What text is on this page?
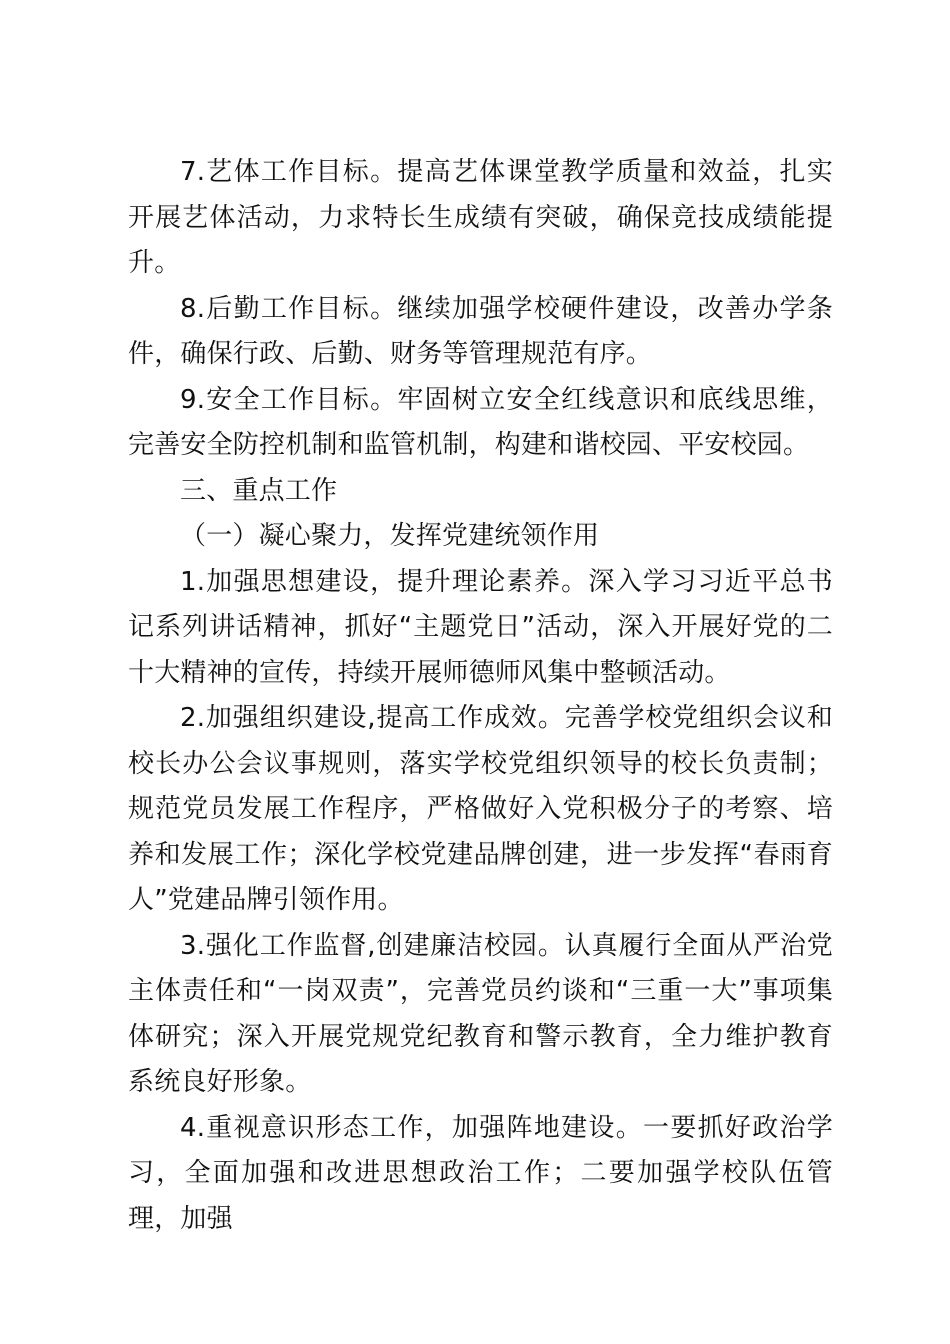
7.艺体工作目标。提高艺体课堂教学质量和效益，扎实开展艺体活动，力求特长生成绩有突破，确保竞技成绩能提升。

8.后勤工作目标。继续加强学校硬件建设，改善办学条件，确保行政、后勤、财务等管理规范有序。

9.安全工作目标。牢固树立安全红线意识和底线思维，完善安全防控机制和监管机制，构建和谐校园、平安校园。

三、重点工作

（一）凝心聚力，发挥党建统领作用

1.加强思想建设，提升理论素养。深入学习习近平总书记系列讲话精神，抓好“主题党日”活动，深入开展好党的二十大精神的宣传，持续开展师德师风集中整顿活动。

2.加强组织建设,提高工作成效。完善学校党组织会议和校长办公会议事规则，落实学校党组织领导的校长负责制；规范党员发展工作程序，严格做好入党积极分子的考察、培养和发展工作；深化学校党建品牌创建，进一步发挥“春雨育人”党建品牌引领作用。

3.强化工作监督,创建廉洁校园。认真履行全面从严治党主体责任和“一岗双责”，完善党员约谈和“三重一大”事项集体研究；深入开展党规党纪教育和警示教育，全力维护教育系统良好形象。

4.重视意识形态工作，加强阵地建设。一要抓好政治学习，全面加强和改进思想政治工作；二要加强学校队伍管理，加强
